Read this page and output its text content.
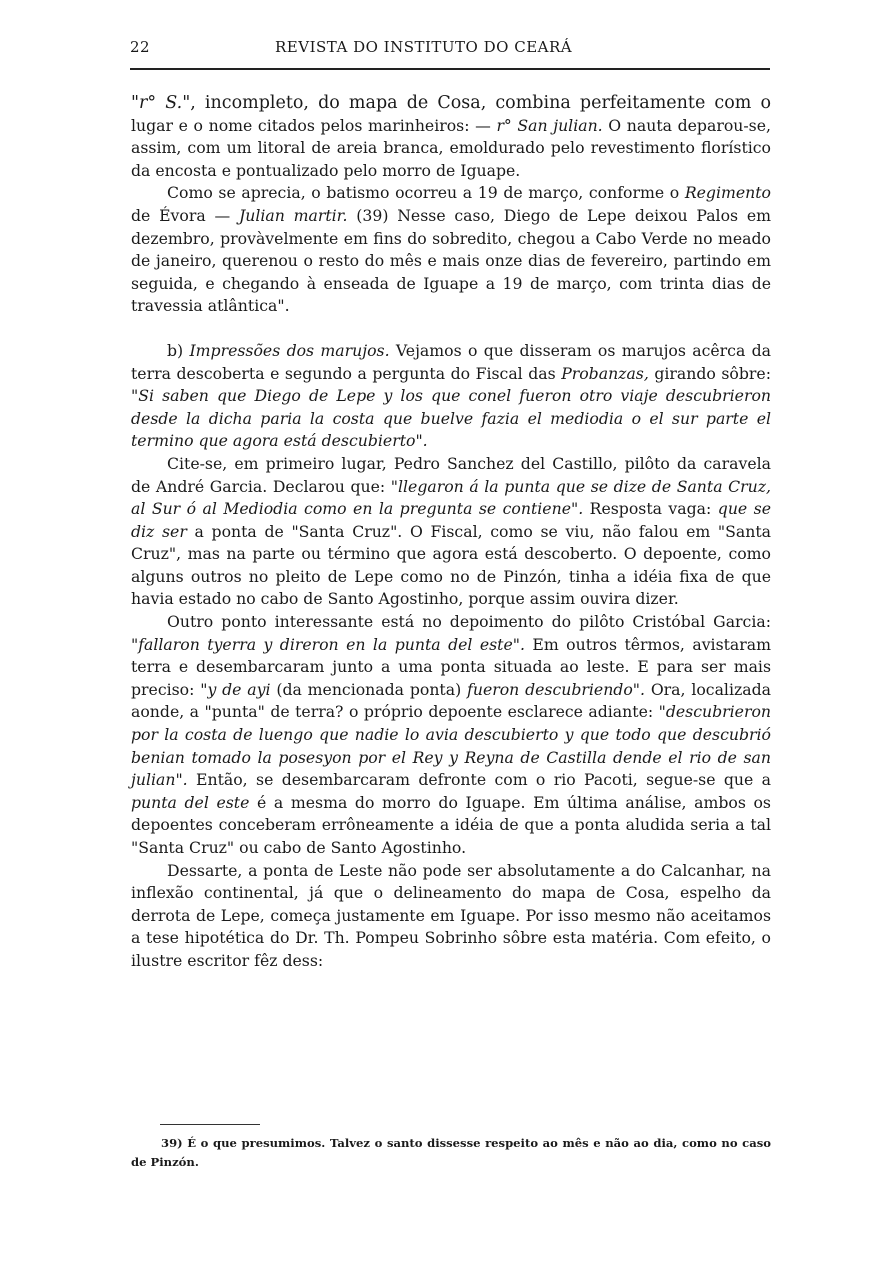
22	REVISTA DO INSTITUTO DO CEARÁ

"r° S.", incompleto, do mapa de Cosa, combina perfeitamente com o lugar e o nome citados pelos marinheiros: — r° San julian. O nauta deparou-se, assim, com um litoral de areia branca, emoldurado pelo revestimento florístico da encosta e pontualizado pelo morro de Iguape.

Como se aprecia, o batismo ocorreu a 19 de março, conforme o Regimento de Évora — Julian martir. (39) Nesse caso, Diego de Lepe deixou Palos em dezembro, provàvelmente em fins do sobredito, chegou a Cabo Verde no meado de janeiro, querenou o resto do mês e mais onze dias de fevereiro, partindo em seguida, e chegando à enseada de Iguape a 19 de março, com trinta dias de travessia atlântica".

b) Impressões dos marujos. Vejamos o que disseram os marujos acêrca da terra descoberta e segundo a pergunta do Fiscal das Probanzas, girando sôbre: "Si saben que Diego de Lepe y los que conel fueron otro viaje descubrieron desde la dicha paria la costa que buelve fazia el mediodia o el sur parte el termino que agora está descubierto".

Cite-se, em primeiro lugar, Pedro Sanchez del Castillo, pilôto da caravela de André Garcia. Declarou que: "llegaron á la punta que se dize de Santa Cruz, al Sur ó al Mediodia como en la pregunta se contiene". Resposta vaga: que se diz ser a ponta de "Santa Cruz". O Fiscal, como se viu, não falou em "Santa Cruz", mas na parte ou término que agora está descoberto. O depoente, como alguns outros no pleito de Lepe como no de Pinzón, tinha a idéia fixa de que havia estado no cabo de Santo Agostinho, porque assim ouvira dizer.

Outro ponto interessante está no depoimento do pilôto Cristóbal Garcia: "fallaron tyerra y direron en la punta del este". Em outros têrmos, avistaram terra e desembarcaram junto a uma ponta situada ao leste. E para ser mais preciso: "y de ayi (da mencionada ponta) fueron descubriendo". Ora, localizada aonde, a "punta" de terra? o próprio depoente esclarece adiante: "descubrieron por la costa de luengo que nadie lo avia descubierto y que todo que descubrió benian tomado la posesyon por el Rey y Reyna de Castilla dende el rio de san julian". Então, se desembarcaram defronte com o rio Pacoti, segue-se que a punta del este é a mesma do morro do Iguape. Em última análise, ambos os depoentes conceberam errôneamente a idéia de que a ponta aludida seria a tal "Santa Cruz" ou cabo de Santo Agostinho.

Dessarte, a ponta de Leste não pode ser absolutamente a do Calcanhar, na inflexão continental, já que o delineamento do mapa de Cosa, espelho da derrota de Lepe, começa justamente em Iguape. Por isso mesmo não aceitamos a tese hipotética do Dr. Th. Pompeu Sobrinho sôbre esta matéria. Com efeito, o ilustre escritor fêz dess:

39) É o que presumimos. Talvez o santo dissesse respeito ao mês e não ao dia, como no caso de Pinzón.
